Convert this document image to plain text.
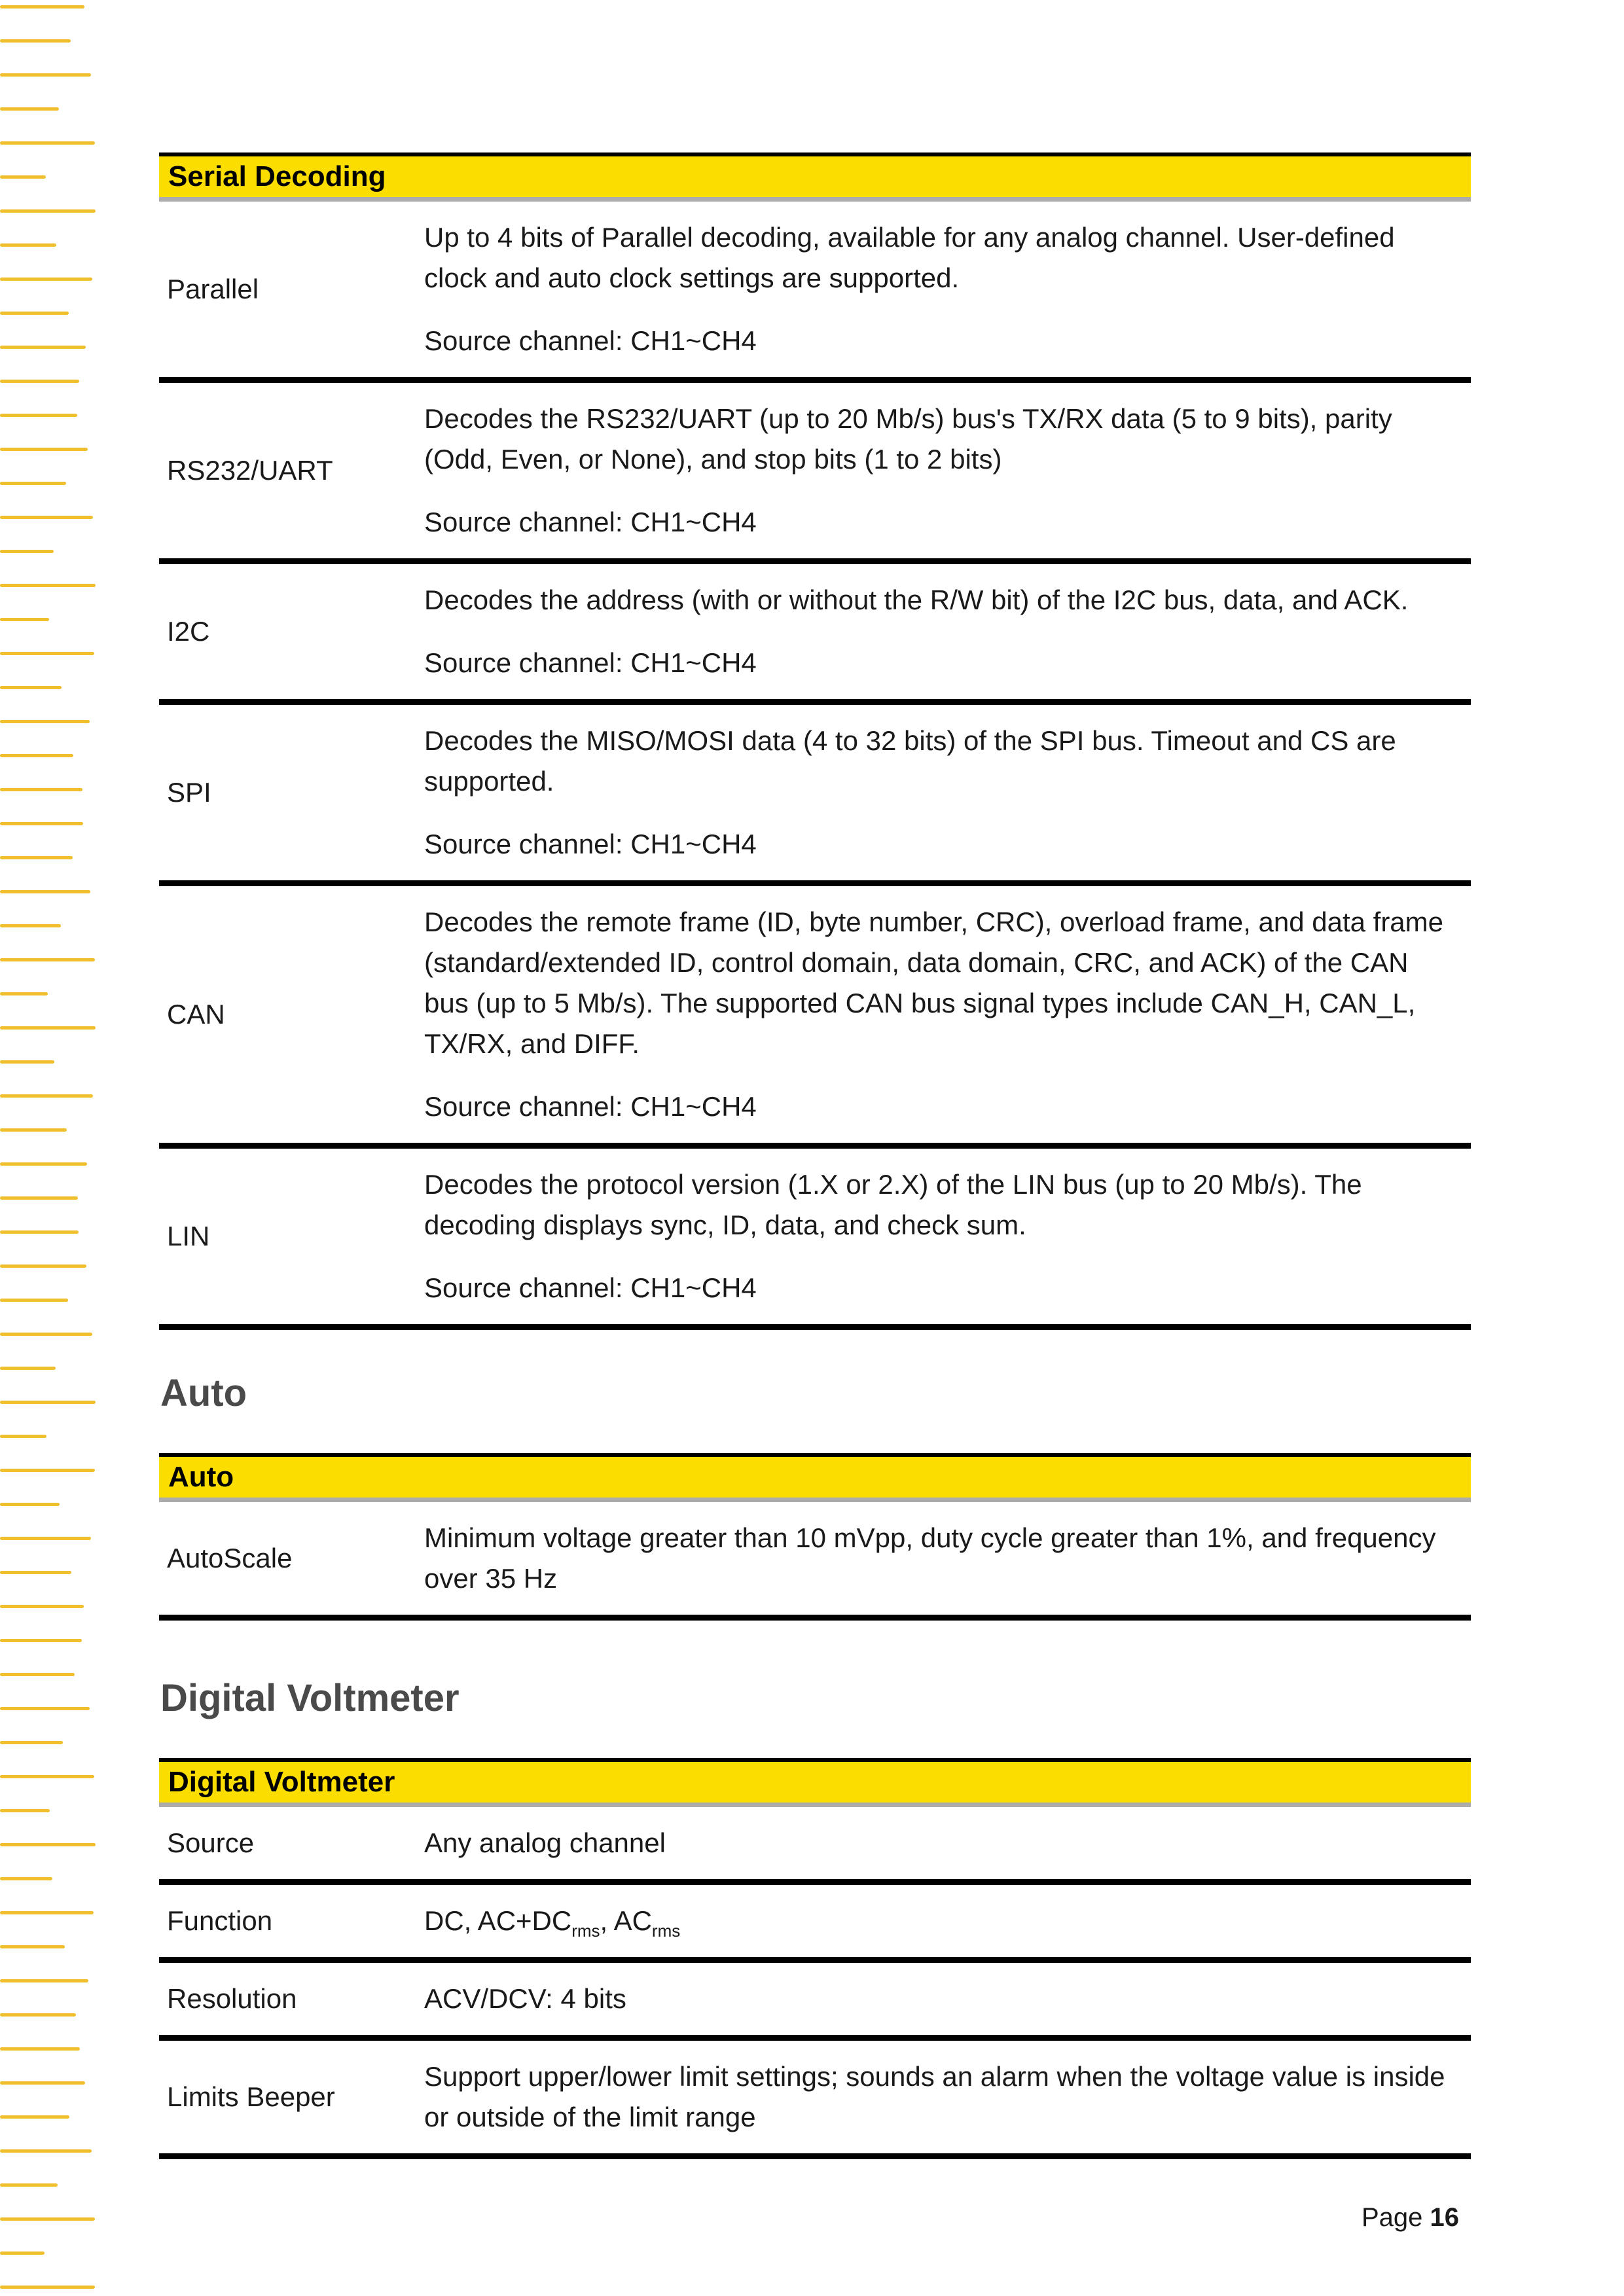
Serial Decoding
Parallel

Up to 4 bits of Parallel decoding, available for any analog channel. User-defined clock and auto clock settings are supported.

Source channel: CH1~CH4

RS232/UART

Decodes the RS232/UART (up to 20 Mb/s) bus's TX/RX data (5 to 9 bits), parity (Odd, Even, or None), and stop bits (1 to 2 bits)

Source channel: CH1~CH4

I2C

Decodes the address (with or without the R/W bit) of the I2C bus, data, and ACK.

Source channel: CH1~CH4

SPI

Decodes the MISO/MOSI data (4 to 32 bits) of the SPI bus. Timeout and CS are supported.

Source channel: CH1~CH4

CAN

Decodes the remote frame (ID, byte number, CRC), overload frame, and data frame (standard/extended ID, control domain, data domain, CRC, and ACK) of the CAN bus (up to 5 Mb/s). The supported CAN bus signal types include CAN_H, CAN_L, TX/RX, and DIFF.

Source channel: CH1~CH4

LIN

Decodes the protocol version (1.X or 2.X) of the LIN bus (up to 20 Mb/s). The decoding displays sync, ID, data, and check sum.

Source channel: CH1~CH4

Auto
Auto
AutoScale

Minimum voltage greater than 10 mVpp, duty cycle greater than 1%, and frequency over 35 Hz

Digital Voltmeter
Digital Voltmeter
Source	Any analog channel

Function	DC, $AC+DC_{rms}$, $AC_{rms}$

Resolution	ACV/DCV: 4 bits

Limits Beeper

Support upper/lower limit settings; sounds an alarm when the voltage value is inside or outside of the limit range

Page 16
